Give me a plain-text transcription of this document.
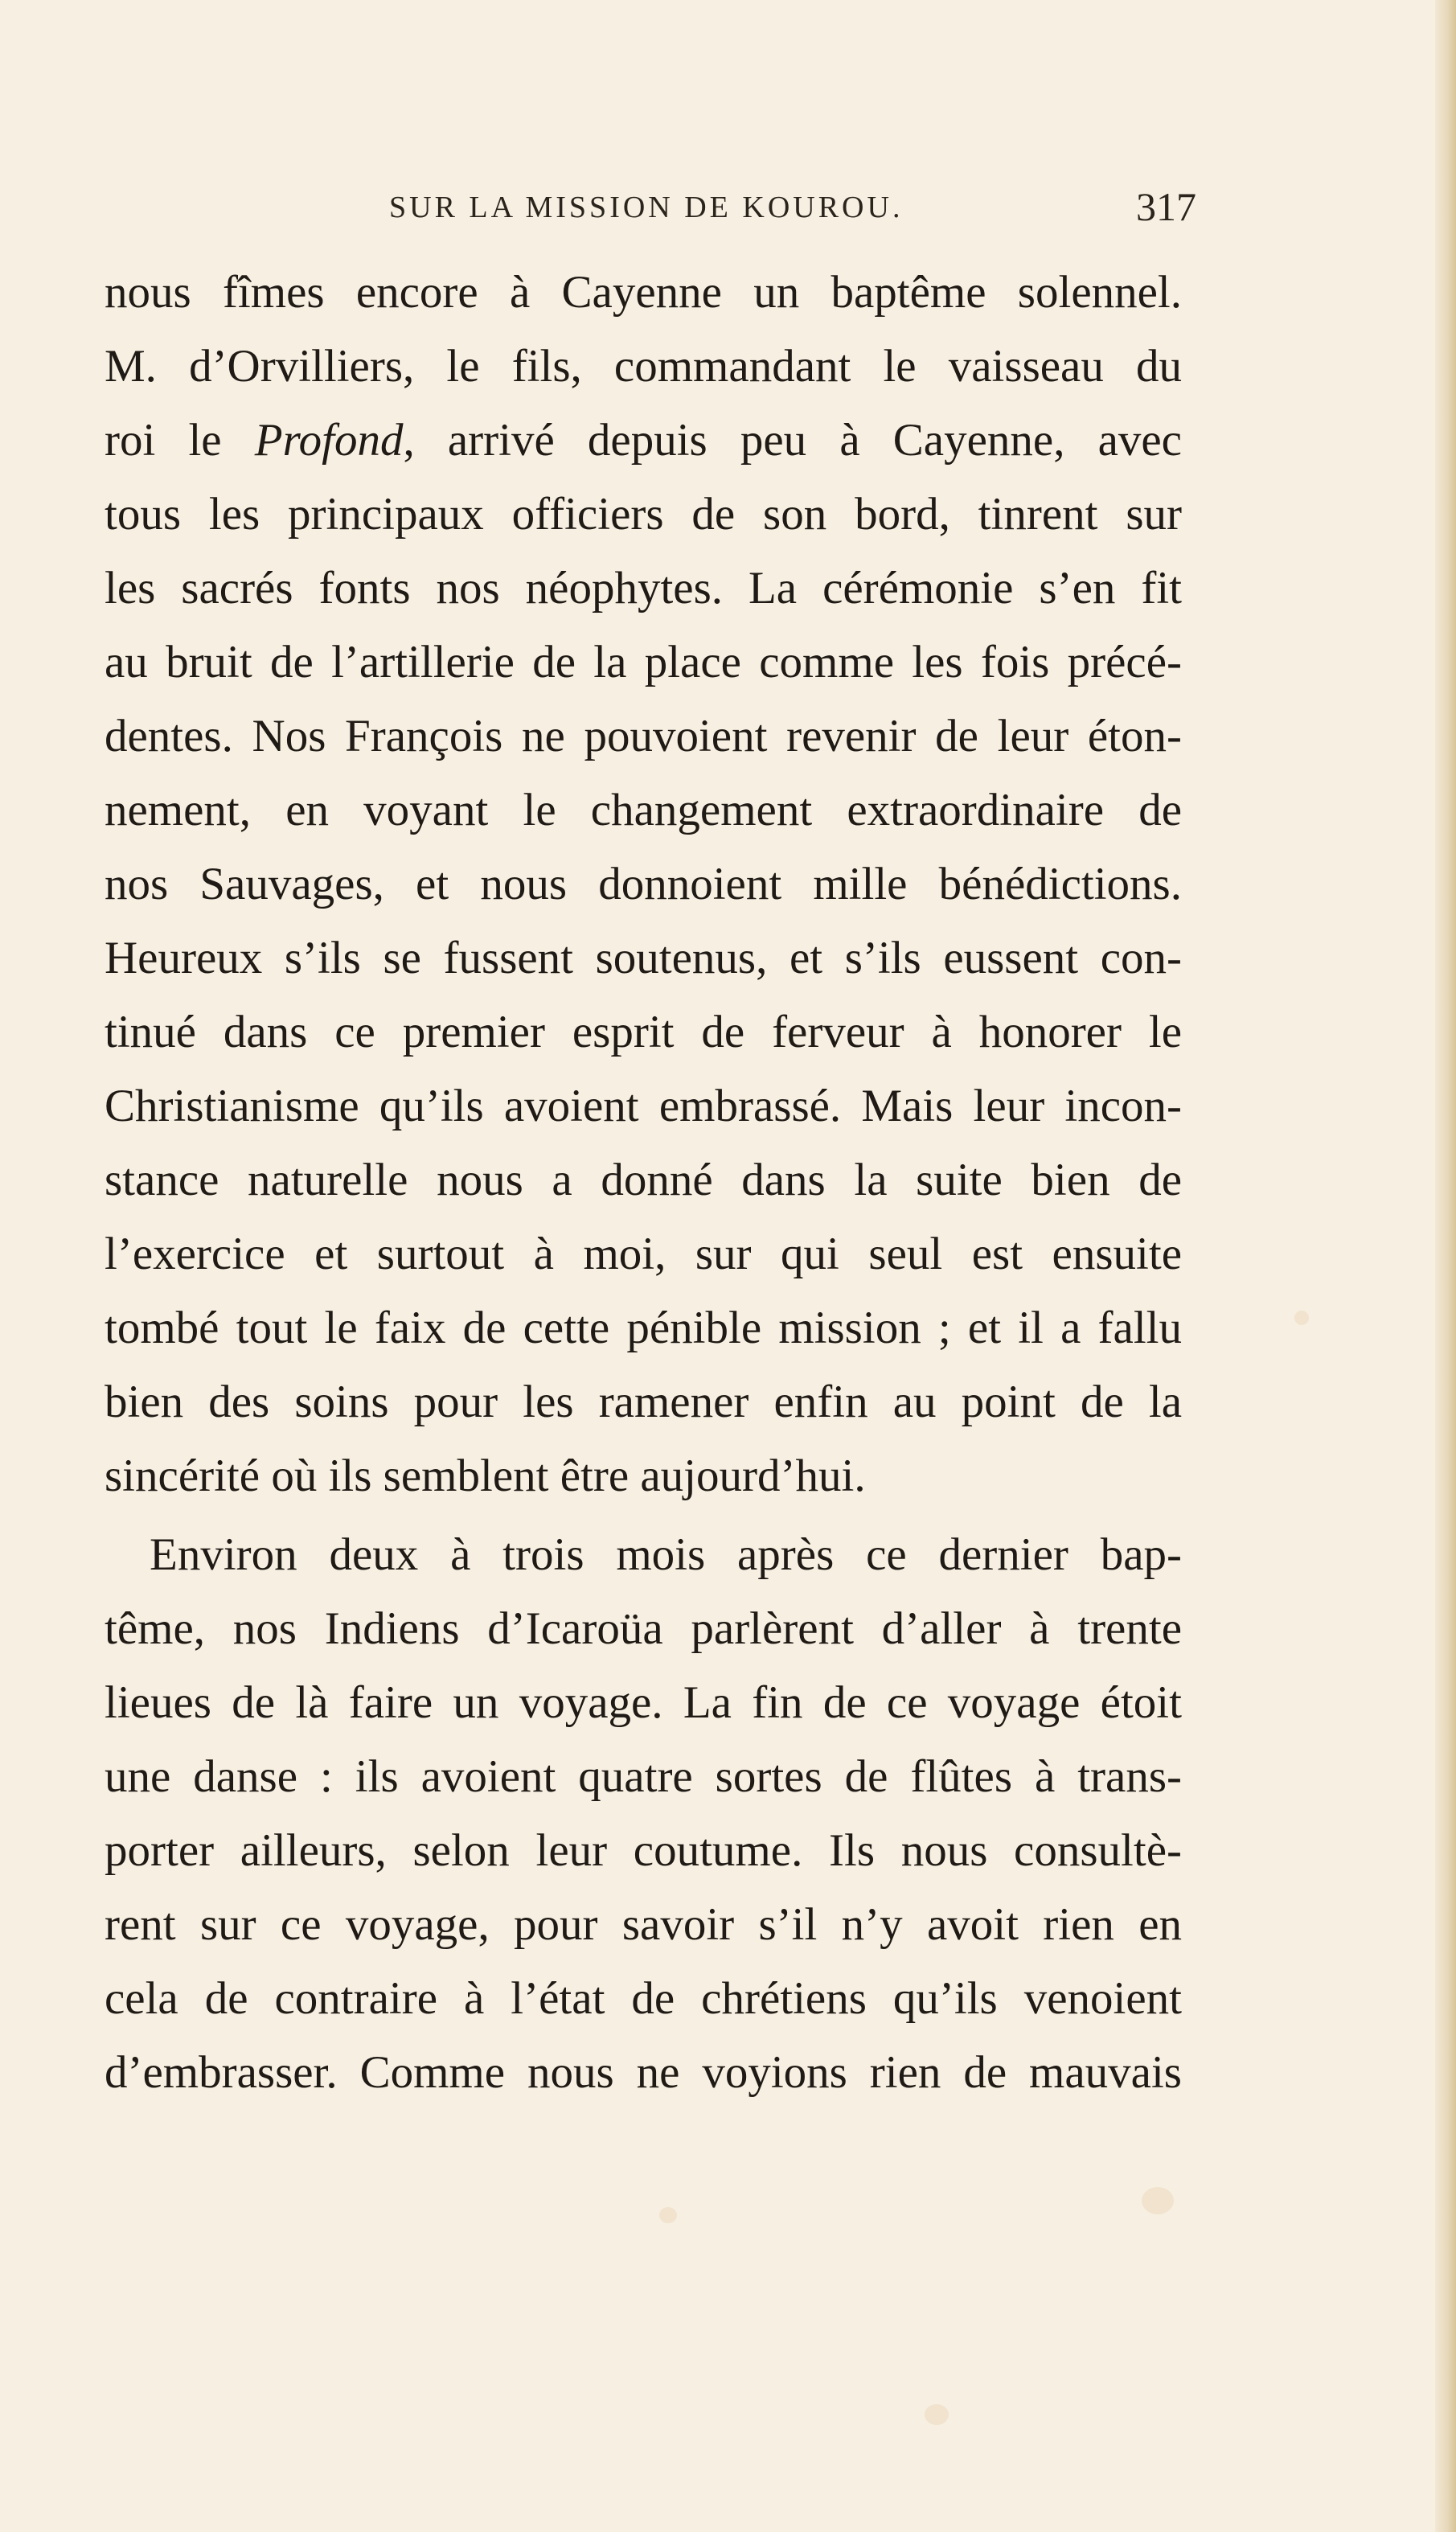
SUR LA MISSION DE KOUROU.	317
nous fîmes encore à Cayenne un baptême solennel.
M. d’Orvilliers, le fils, commandant le vaisseau du
roi le Profond, arrivé depuis peu à Cayenne, avec
tous les principaux officiers de son bord, tinrent sur
les sacrés fonts nos néophytes. La cérémonie s’en fit
au bruit de l’artillerie de la place comme les fois précé-
dentes. Nos François ne pouvoient revenir de leur éton-
nement, en voyant le changement extraordinaire de
nos Sauvages, et nous donnoient mille bénédictions.
Heureux s’ils se fussent soutenus, et s’ils eussent con-
tinué dans ce premier esprit de ferveur à honorer le
Christianisme qu’ils avoient embrassé. Mais leur incon-
stance naturelle nous a donné dans la suite bien de
l’exercice et surtout à moi, sur qui seul est ensuite
tombé tout le faix de cette pénible mission ; et il a fallu
bien des soins pour les ramener enfin au point de la
sincérité où ils semblent être aujourd’hui.
Environ deux à trois mois après ce dernier bap-
tême, nos Indiens d’Icaroüa parlèrent d’aller à trente
lieues de là faire un voyage. La fin de ce voyage étoit
une danse : ils avoient quatre sortes de flûtes à trans-
porter ailleurs, selon leur coutume. Ils nous consultè-
rent sur ce voyage, pour savoir s’il n’y avoit rien en
cela de contraire à l’état de chrétiens qu’ils venoient
d’embrasser. Comme nous ne voyions rien de mauvais
